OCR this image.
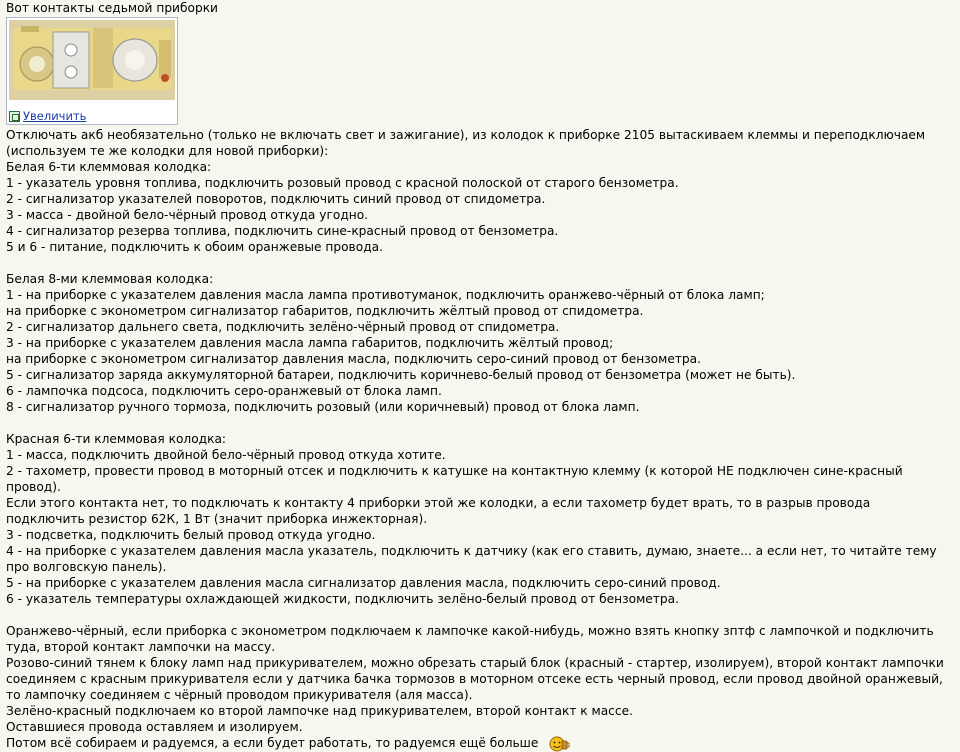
Вот контакты седьмой приборки
Увеличить
Отключать акб необязательно (только не включать свет и зажигание), из колодок к приборке 2105 вытаскиваем клеммы и переподключаем
(используем те же колодки для новой приборки):
Белая 6-ти клеммовая колодка:
1 - указатель уровня топлива, подключить розовый провод с красной полоской от старого бензометра.
2 - сигнализатор указателей поворотов, подключить синий провод от спидометра.
3 - масса - двойной бело-чёрный провод откуда угодно.
4 - сигнализатор резерва топлива, подключить сине-красный провод от бензометра.
5 и 6 - питание, подключить к обоим оранжевые провода.
Белая 8-ми клеммовая колодка:
1 - на приборке с указателем давления масла лампа противотуманок, подключить оранжево-чёрный от блока ламп;
на приборке с эконометром сигнализатор габаритов, подключить жёлтый провод от спидометра.
2 - сигнализатор дальнего света, подключить зелёно-чёрный провод от спидометра.
3 - на приборке с указателем давления масла лампа габаритов, подключить жёлтый провод;
на приборке с эконометром сигнализатор давления масла, подключить серо-синий провод от бензометра.
5 - сигнализатор заряда аккумуляторной батареи, подключить коричнево-белый провод от бензометра (может не быть).
6 - лампочка подсоса, подключить серо-оранжевый от блока ламп.
8 - сигнализатор ручного тормоза, подключить розовый (или коричневый) провод от блока ламп.
Красная 6-ти клеммовая колодка:
1 - масса, подключить двойной бело-чёрный провод откуда хотите.
2 - тахометр, провести провод в моторный отсек и подключить к катушке на контактную клемму (к которой НЕ подключен сине-красный
провод).
Если этого контакта нет, то подключать к контакту 4 приборки этой же колодки, а если тахометр будет врать, то в разрыв провода
подключить резистор 62К, 1 Вт (значит приборка инжекторная).
3 - подсветка, подключить белый провод откуда угодно.
4 - на приборке с указателем давления масла указатель, подключить к датчику (как его ставить, думаю, знаете... а если нет, то читайте тему
про волговскую панель).
5 - на приборке с указателем давления масла сигнализатор давления масла, подключить серо-синий провод.
6 - указатель температуры охлаждающей жидкости, подключить зелёно-белый провод от бензометра.
Оранжево-чёрный, если приборка с эконометром подключаем к лампочке какой-нибудь, можно взять кнопку зптф с лампочкой и подключить
туда, второй контакт лампочки на массу.
Розово-синий тянем к блоку ламп над прикуривателем, можно обрезать старый блок (красный - стартер, изолируем), второй контакт лампочки
соединяем с красным прикуривателя если у датчика бачка тормозов в моторном отсеке есть черный провод, если провод двойной оранжевый,
то лампочку соединяем с чёрный проводом прикуривателя (аля масса).
Зелёно-красный подключаем ко второй лампочке над прикуривателем, второй контакт к массе.
Оставшиеся провода оставляем и изолируем.
Потом всё собираем и радуемся, а если будет работать, то радуемся ещё больше
